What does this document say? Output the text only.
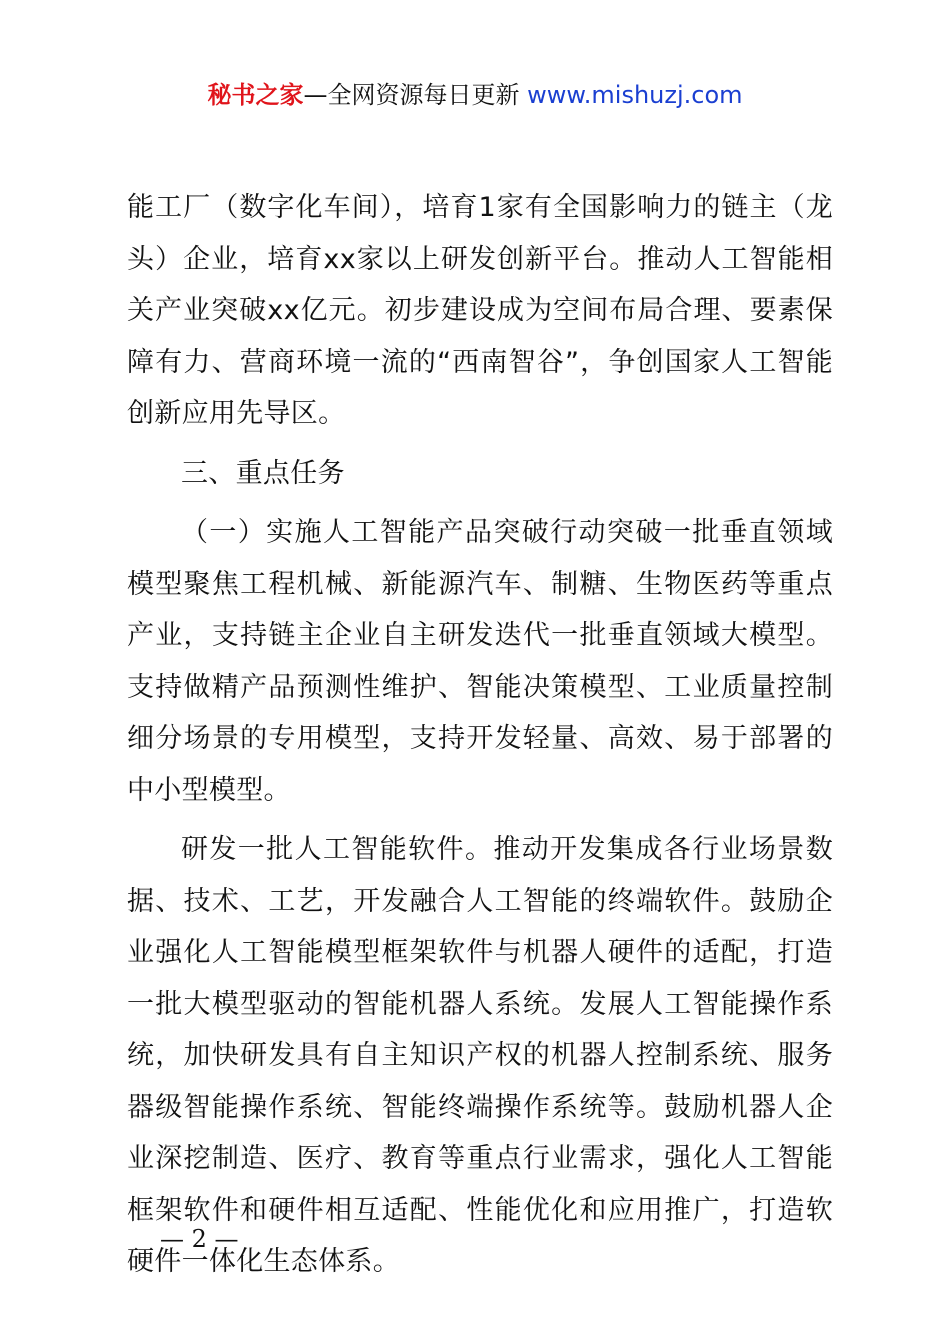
秘书之家—全网资源每日更新 www.mishuzj.com

能工厂（数字化车间），培育1家有全国影响力的链主（龙头）企业，培育xx家以上研发创新平台。推动人工智能相关产业突破xx亿元。初步建设成为空间布局合理、要素保障有力、营商环境一流的“西南智谷”，争创国家人工智能创新应用先导区。

三、重点任务

（一）实施人工智能产品突破行动突破一批垂直领域模型聚焦工程机械、新能源汽车、制糖、生物医药等重点产业，支持链主企业自主研发迭代一批垂直领域大模型。支持做精产品预测性维护、智能决策模型、工业质量控制细分场景的专用模型，支持开发轻量、高效、易于部署的中小型模型。

研发一批人工智能软件。推动开发集成各行业场景数据、技术、工艺，开发融合人工智能的终端软件。鼓励企业强化人工智能模型框架软件与机器人硬件的适配，打造一批大模型驱动的智能机器人系统。发展人工智能操作系统，加快研发具有自主知识产权的机器人控制系统、服务器级智能操作系统、智能终端操作系统等。鼓励机器人企业深挖制造、医疗、教育等重点行业需求，强化人工智能框架软件和硬件相互适配、性能优化和应用推广，打造软硬件一体化生态体系。

— 2 —
